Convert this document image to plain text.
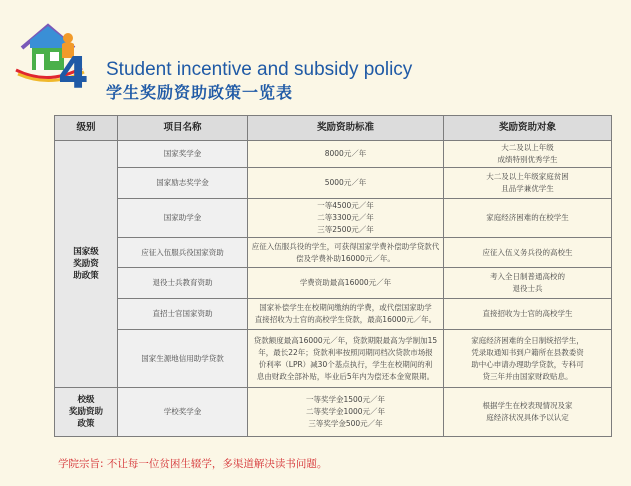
4 Student incentive and subsidy policy
学生奖励资助政策一览表
级别	项目名称	奖励资助标准	奖励资助对象
国家级
奖励资
助政策	国家奖学金	8000元／年	大二及以上年级
成绩特别优秀学生
	国家励志奖学金	5000元／年	大二及以上年级家庭贫困
且品学兼优学生
	国家助学金	一等4500元／年
二等3300元／年
三等2500元／年	家庭经济困难的在校学生
	应征入伍服兵役国家资助	应征入伍服兵役的学生，可获得国家学费补偿助学贷款代
偿及学费补助16000元／年。	应征入伍义务兵役的高校生
	退役士兵教育资助	学费资助最高16000元／年	考入全日制普通高校的
退役士兵
	直招士官国家资助	国家补偿学生在校期间缴纳的学费，或代偿国家助学
直接招收为士官的高校学生贷款，最高16000元／年。	直接招收为士官的高校学生
	国家生源地信用助学贷款	贷款额度最高16000元／年，贷款期限最高为学制加15
年，最长22年；贷款利率按照同期同档次贷款市场报
价利率（LPR）减30个基点执行，学生在校期间的利
息由财政全部补贴，毕业后5年内为偿还本金宽限期。	家庭经济困难的全日制统招学生，
凭录取通知书到户籍所在县教委资
助中心申请办理助学贷款，专科可
贷三年并由国家财政贴息。
校级
奖励资助
政策	学校奖学金	一等奖学金1500元／年
二等奖学金1000元／年
三等奖学金500元／年	根据学生在校表现情况及家
庭经济状况具体予以认定
学院宗旨: 不让每一位贫困生辍学，多渠道解决读书问题。
